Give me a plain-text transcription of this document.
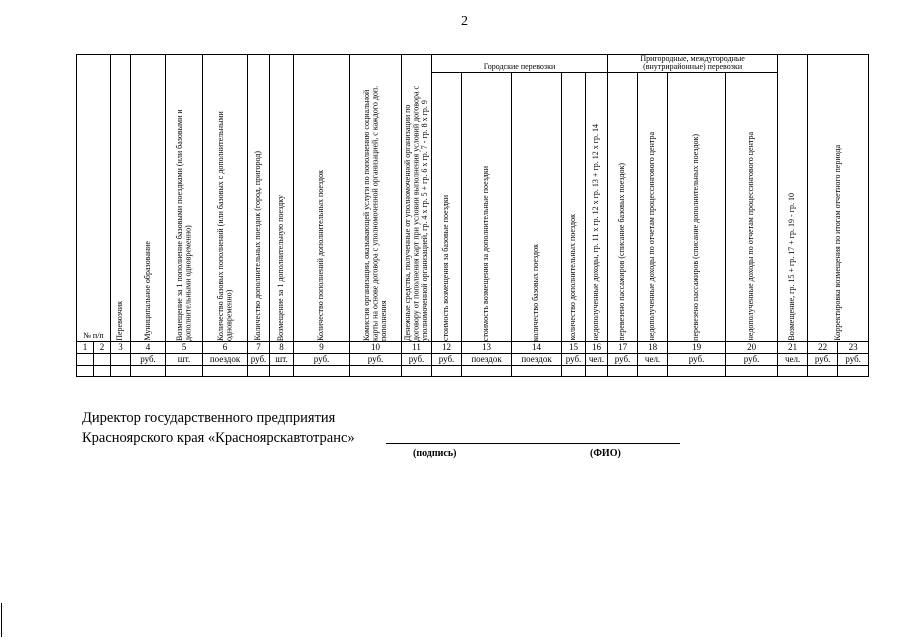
2
№ п/п		Перевозчик	Муниципальное образование	Возмещение за 1 пополнение базовыми поездками (или базовыми и дополнительными одновременно)	Количество базовых пополнений (или базовых с дополнительными одновременно)	Количество дополнительных поездок (город, пригород)	Возмещение за 1 дополнительную поездку	Количество пополнений дополнительных поездок	Комиссия организации, оказывающей услуги по пополнению социальной карты на основе договора с уполномоченной организацией, с каждого доп. пополнения	Денежные средства, полученные от уполномоченной организации по договору от пополнения карт при условии выполнения условий договора с уполномоченной организацией, гр. 4 х гр. 5 + гр. 6 х гр. 7 - гр. 8 х гр. 9	Городские перевозки					Пригородные, междугородные (внутрирайонные) перевозки				Возмещение, гр. 15 + гр. 17 + гр. 19 - гр. 10	Корректировка возмещения по итогам отчетного периода

											стоимость возмещения за базовые поездки	стоимость возмещения за дополнительные поездки	количество базовых поездок	количество дополнительных поездок	недополученные доходы, гр. 11 х гр. 12 х гр. 13 + гр. 12 х гр. 14	перевезено пассажиров (списание базовых поездок)	недополученные доходы по отчетам процессингового центра	перевезено пассажиров (списание дополнительных поездок)	недополученные доходы по отчетам процессингового центра				

1	2	3	4	5	6	7	8	9	10	11	12	13	14	15	16	17	18	19	20	21	22	23	
			руб.	шт.	поездок	руб.	шт.	руб.	руб.	руб.	руб.	поездок	поездок	руб.	чел.	руб.	чел.	руб.	руб.	чел.	руб.	руб.	

Директор государственного предприятия
Красноярского края «Красноярскавтотранс»
(подпись)	(ФИО)
